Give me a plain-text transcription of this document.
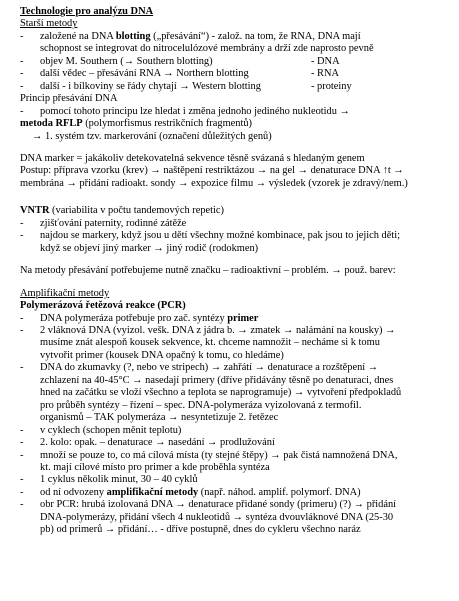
Technologie pro analýzu DNA
Starší metody
- založené na DNA blotting („přesávání“) - založ. na tom, že RNA, DNA mají
schopnost se integrovat do nitrocelulózové membrány a drží zde naprosto pevně
- objev M. Southern (→ Southern blotting)	- DNA
- další vědec – přesávání RNA → Northern blotting	- RNA
- další - i bílkoviny se řády chytají → Western blotting	- proteiny
Princip přesávání DNA
- pomocí tohoto principu lze hledat i změna jednoho jediného nukleotidu →
metoda RFLP (polymorfismus restrikčních fragmentů)
→ 1. systém tzv. markerování (označení důležitých genů)
DNA marker = jakákoliv detekovatelná sekvence těsně svázaná s hledaným genem
Postup: příprava vzorku (krev) → naštěpení restriktázou → na gel → denaturace DNA ↑t →
membrána → přidání radioakt. sondy → expozice filmu → výsledek (vzorek je zdravý/nem.)
VNTR (variabilita v počtu tandemových repetic)
- zjišťování paternity, rodinné zátěže
- najdou se markery, když jsou u dětí všechny možné kombinace, pak jsou to jejich děti;
když se objeví jiný marker → jiný rodič (rodokmen)
Na metody přesávání potřebujeme nutně značku – radioaktivní – problém. → použ. barev:
Amplifikační metody
Polymerázová řetězová reakce (PCR)
- DNA polymeráza potřebuje pro zač. syntézy primer
- 2 vláknová DNA (vyizol. vešk. DNA z jádra b. → zmatek → nalámání na kousky) →
musíme znát alespoň kousek sekvence, kt. chceme namnožit – necháme si k tomu
vytvořit primer (kousek DNA opačný k tomu, co hledáme)
- DNA do zkumavky (?, nebo ve stripech) → zahřátí → denaturace a rozštěpení →
zchlazení na 40-45°C → nasedají primery (dříve přidávány těsně po denaturaci, dnes
hned na začátku se vloží všechno a teplota se naprogramuje) → vytvoření předpokladů
pro průběh syntézy – řízení – spec. DNA-polymeráza vyizolovaná z termofil.
organismů – TAK polymeráza → nesyntetizuje 2. řetězec
- v cyklech (schopen měnit teplotu)
- 2. kolo: opak. – denaturace → nasedání → prodlužování
- množí se pouze to, co má cílová místa (ty stejné štěpy) → pak čistá namnožená DNA,
kt. mají cílové místo pro primer a kde proběhla syntéza
- 1 cyklus několik minut, 30 – 40 cyklů
- od ní odvozeny amplifikační metody (např. náhod. amplif. polymorf. DNA)
- obr PCR: hrubá izolovaná DNA → denaturace přidané sondy (primeru) (?) → přidání
DNA-polymerázy, přidání všech 4 nukleotidů → syntéza dvouvláknové DNA (25-30
pb) od primerů → přidání… - dříve postupně, dnes do cykleru všechno naráz
